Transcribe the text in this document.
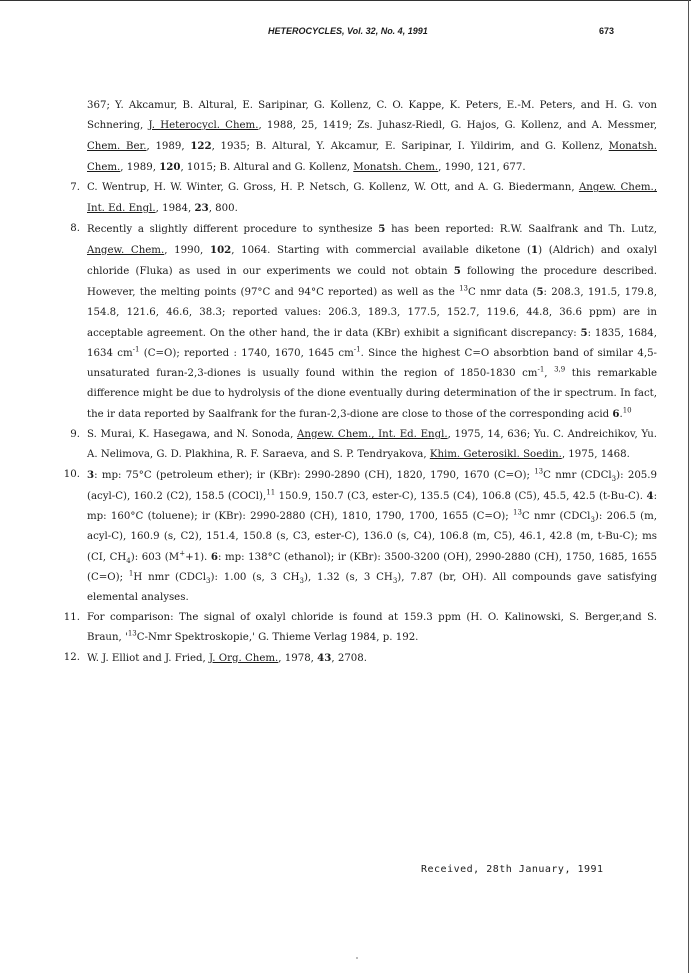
HETEROCYCLES, Vol. 32, No. 4, 1991	673
367; Y. Akcamur, B. Altural, E. Saripinar, G. Kollenz, C. O. Kappe, K. Peters, E.-M. Peters, and H. G. von Schnering, J. Heterocycl. Chem., 1988, 25, 1419; Zs. Juhasz-Riedl, G. Hajos, G. Kollenz, and A. Messmer, Chem. Ber., 1989, 122, 1935; B. Altural, Y. Akcamur, E. Saripinar, I. Yildirim, and G. Kollenz, Monatsh. Chem., 1989, 120, 1015; B. Altural and G. Kollenz, Monatsh. Chem., 1990, 121, 677.
7. C. Wentrup, H. W. Winter, G. Gross, H. P. Netsch, G. Kollenz, W. Ott, and A. G. Biedermann, Angew. Chem., Int. Ed. Engl., 1984, 23, 800.
8. Recently a slightly different procedure to synthesize 5 has been reported: R.W. Saalfrank and Th. Lutz, Angew. Chem., 1990, 102, 1064. Starting with commercial available diketone (1) (Aldrich) and oxalyl chloride (Fluka) as used in our experiments we could not obtain 5 following the procedure described. However, the melting points (97°C and 94°C reported) as well as the $^{13}$C nmr data (5: 208.3, 191.5, 179.8, 154.8, 121.6, 46.6, 38.3; reported values: 206.3, 189.3, 177.5, 152.7, 119.6, 44.8, 36.6 ppm) are in acceptable agreement. On the other hand, the ir data (KBr) exhibit a significant discrepancy: 5: 1835, 1684, 1634 $cm^{-1}$ (C=O); reported : 1740, 1670, 1645 $cm^{-1}$. Since the highest C=O absorbtion band of similar 4,5-unsaturated furan-2,3-diones is usually found within the region of 1850-1830 $cm^{-1}$, $^{3,9}$ this remarkable difference might be due to hydrolysis of the dione eventually during determination of the ir spectrum. In fact, the ir data reported by Saalfrank for the furan-2,3-dione are close to those of the corresponding acid 6.10
9. S. Murai, K. Hasegawa, and N. Sonoda, Angew. Chem., Int. Ed. Engl., 1975, 14, 636; Yu. C. Andreichikov, Yu. A. Nelimova, G. D. Plakhina, R. F. Saraeva, and S. P. Tendryakova, Khim. Geterosikl. Soedin., 1975, 1468.
10. 3: mp: 75°C (petroleum ether); ir (KBr): 2990-2890 (CH), 1820, 1790, 1670 (C=O); $^{13}$C nmr (CDCl$_3$): 205.9 (acyl-C), 160.2 (C2), 158.5 (COCl),$^{11}$ 150.9, 150.7 (C3, ester-C), 135.5 (C4), 106.8 (C5), 45.5, 42.5 (t-Bu-C). 4: mp: 160°C (toluene); ir (KBr): 2990-2880 (CH), 1810, 1790, 1700, 1655 (C=O); $^{13}$C nmr (CDCl$_3$): 206.5 (m, acyl-C), 160.9 (s, C2), 151.4, 150.8 (s, C3, ester-C), 136.0 (s, C4), 106.8 (m, C5), 46.1, 42.8 (m, t-Bu-C); ms (CI, $CH_4$): 603 (M++1). 6: mp: 138°C (ethanol); ir (KBr): 3500-3200 (OH), 2990-2880 (CH), 1750, 1685, 1655 (C=O); $^1$H nmr (CDCl$_3$): 1.00 (s, 3 $CH_3$), 1.32 (s, 3 $CH_3$), 7.87 (br, OH). All compounds gave satisfying elemental analyses.
11. For comparison: The signal of oxalyl chloride is found at 159.3 ppm (H. O. Kalinowski, S. Berger,and S. Braun, '$^{13}C$-Nmr Spektroskopie,' G. Thieme Verlag 1984, p. 192.
12. W. J. Elliot and J. Fried, J. Org. Chem., 1978, 43, 2708.
Received, 28th January, 1991
